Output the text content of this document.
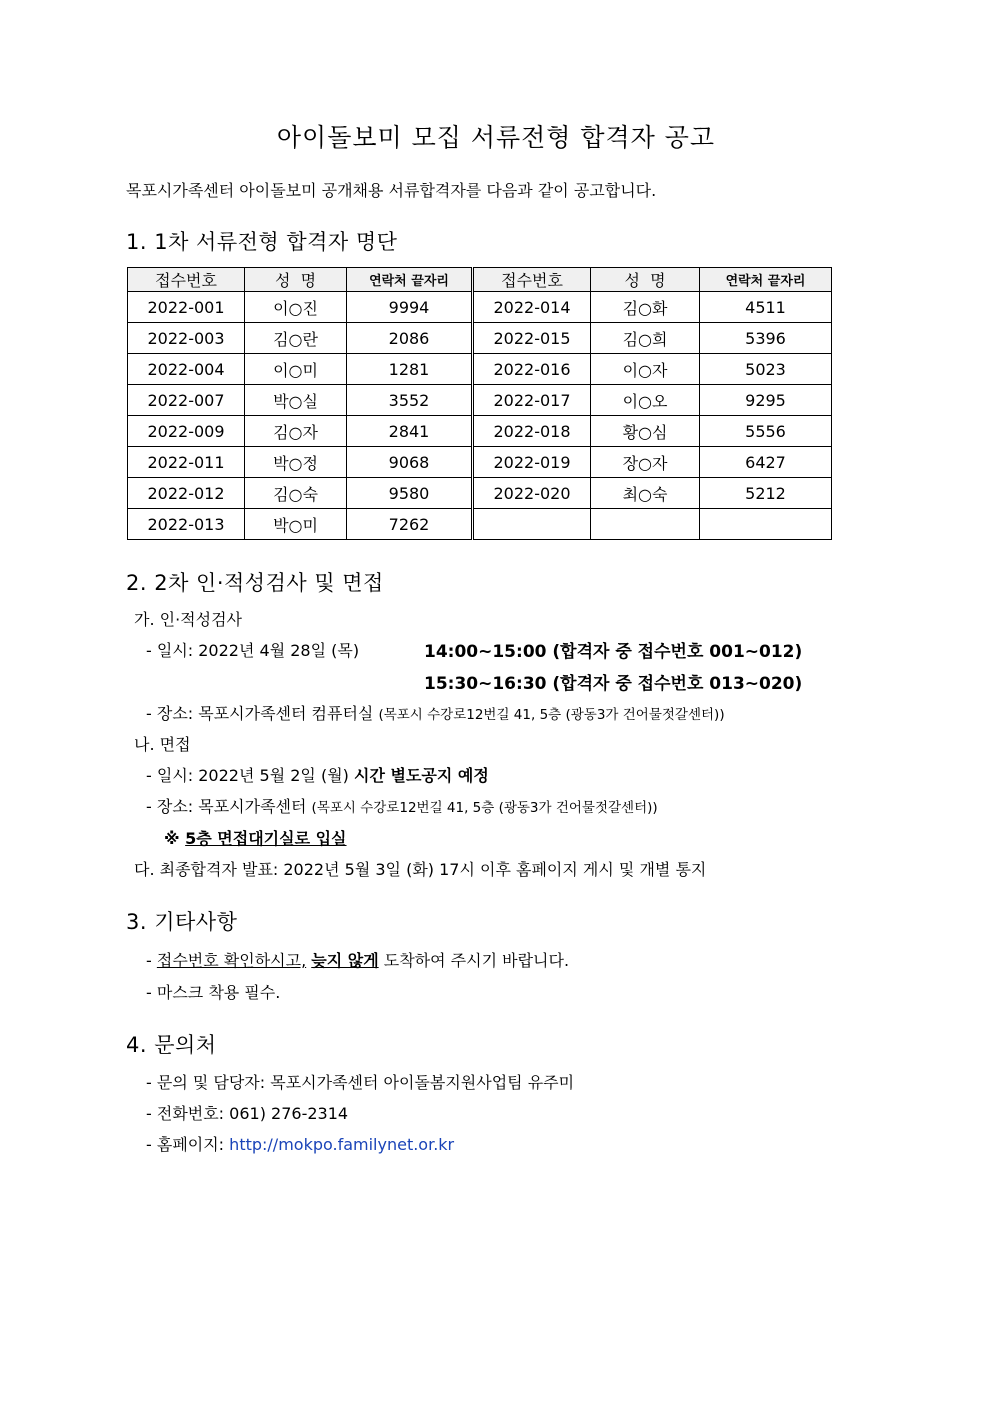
아이돌보미 모집 서류전형 합격자 공고
목포시가족센터 아이돌보미 공개채용 서류합격자를 다음과 같이 공고합니다.
1. 1차 서류전형 합격자 명단
접수번호	성  명	연락처 끝자리	접수번호	성  명	연락처 끝자리
2022-001	이○진	9994	2022-014	김○화	4511
2022-003	김○란	2086	2022-015	김○희	5396
2022-004	이○미	1281	2022-016	이○자	5023
2022-007	박○실	3552	2022-017	이○오	9295
2022-009	김○자	2841	2022-018	황○심	5556
2022-011	박○정	9068	2022-019	장○자	6427
2022-012	김○숙	9580	2022-020	최○숙	5212
2022-013	박○미	7262			
2. 2차 인·적성검사 및 면접
가. 인·적성검사
- 일시: 2022년 4월 28일 (목)	14:00~15:00 (합격자 중 접수번호 001~012)
15:30~16:30 (합격자 중 접수번호 013~020)
- 장소: 목포시가족센터 컴퓨터실 (목포시 수강로12번길 41, 5층 (광동3가 건어물젓갈센터))
나. 면접
- 일시: 2022년 5월 2일 (월) 시간 별도공지 예정
- 장소: 목포시가족센터 (목포시 수강로12번길 41, 5층 (광동3가 건어물젓갈센터))
※ 5층 면접대기실로 입실
다. 최종합격자 발표: 2022년 5월 3일 (화) 17시 이후 홈페이지 게시 및 개별 통지
3. 기타사항
- 접수번호 확인하시고, 늦지 않게 도착하여 주시기 바랍니다.
- 마스크 착용 필수.
4. 문의처
- 문의 및 담당자: 목포시가족센터 아이돌봄지원사업팀 유주미
- 전화번호: 061) 276-2314
- 홈페이지: http://mokpo.familynet.or.kr
